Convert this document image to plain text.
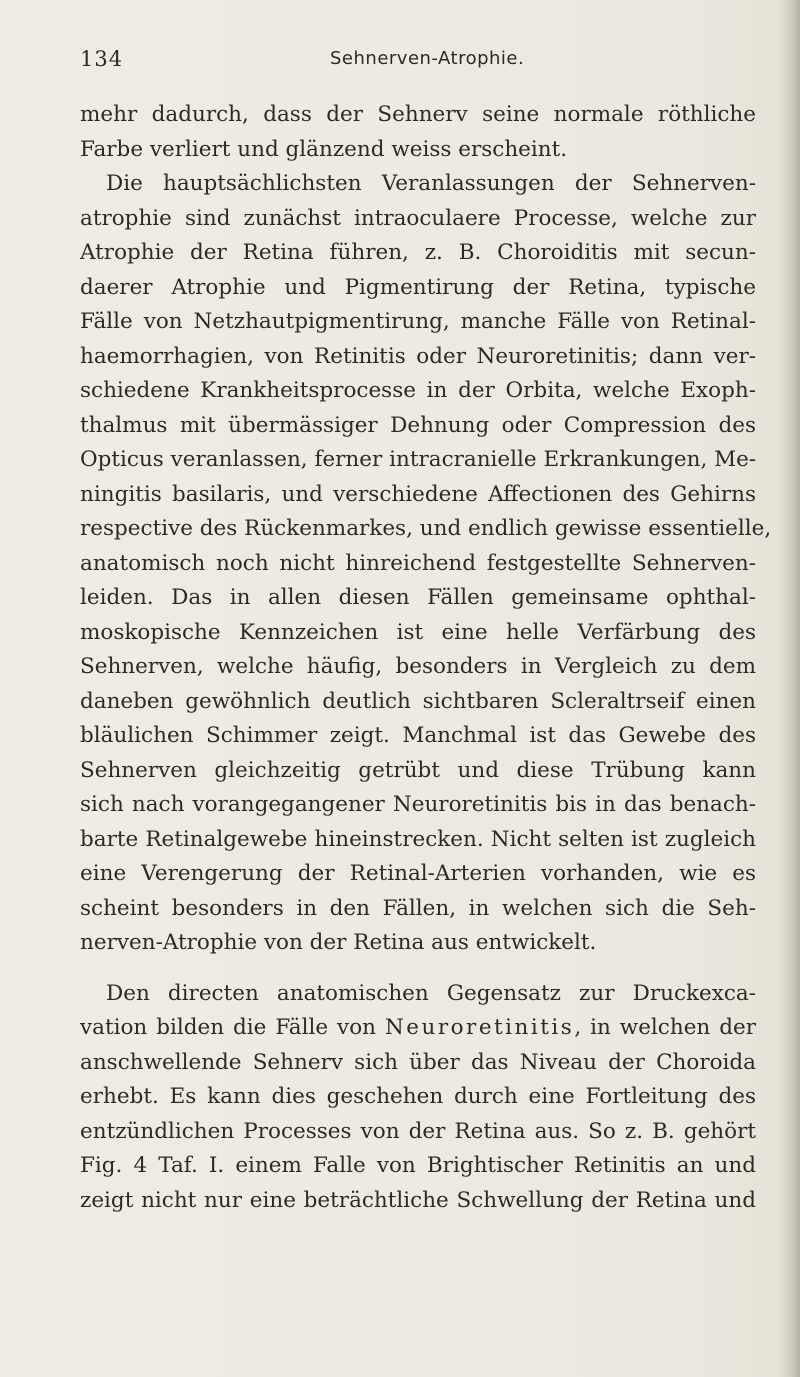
134	Sehnerven-Atrophie.

mehr dadurch, dass der Sehnerv seine normale röthliche
Farbe verliert und glänzend weiss erscheint.

Die hauptsächlichsten Veranlassungen der Sehnerven-
atrophie sind zunächst intraoculaere Processe, welche zur
Atrophie der Retina führen, z. B. Choroiditis mit secun-
daerer Atrophie und Pigmentirung der Retina, typische
Fälle von Netzhautpigmentirung, manche Fälle von Retinal-
haemorrhagien, von Retinitis oder Neuroretinitis; dann ver-
schiedene Krankheitsprocesse in der Orbita, welche Exoph-
thalmus mit übermässiger Dehnung oder Compression des
Opticus veranlassen, ferner intracranielle Erkrankungen, Me-
ningitis basilaris, und verschiedene Affectionen des Gehirns
respective des Rückenmarkes, und endlich gewisse essentielle,
anatomisch noch nicht hinreichend festgestellte Sehnerven-
leiden. Das in allen diesen Fällen gemeinsame ophthal-
moskopische Kennzeichen ist eine helle Verfärbung des
Sehnerven, welche häufig, besonders in Vergleich zu dem
daneben gewöhnlich deutlich sichtbaren Scleraltrseif einen
bläulichen Schimmer zeigt. Manchmal ist das Gewebe des
Sehnerven gleichzeitig getrübt und diese Trübung kann
sich nach vorangegangener Neuroretinitis bis in das benach-
barte Retinalgewebe hineinstrecken. Nicht selten ist zugleich
eine Verengerung der Retinal-Arterien vorhanden, wie es
scheint besonders in den Fällen, in welchen sich die Seh-
nerven-Atrophie von der Retina aus entwickelt.

Den directen anatomischen Gegensatz zur Druckexca-
vation bilden die Fälle von Neuroretinitis, in welchen der
anschwellende Sehnerv sich über das Niveau der Choroida
erhebt. Es kann dies geschehen durch eine Fortleitung des
entzündlichen Processes von der Retina aus. So z. B. gehört
Fig. 4 Taf. I. einem Falle von Brightischer Retinitis an und
zeigt nicht nur eine beträchtliche Schwellung der Retina und
